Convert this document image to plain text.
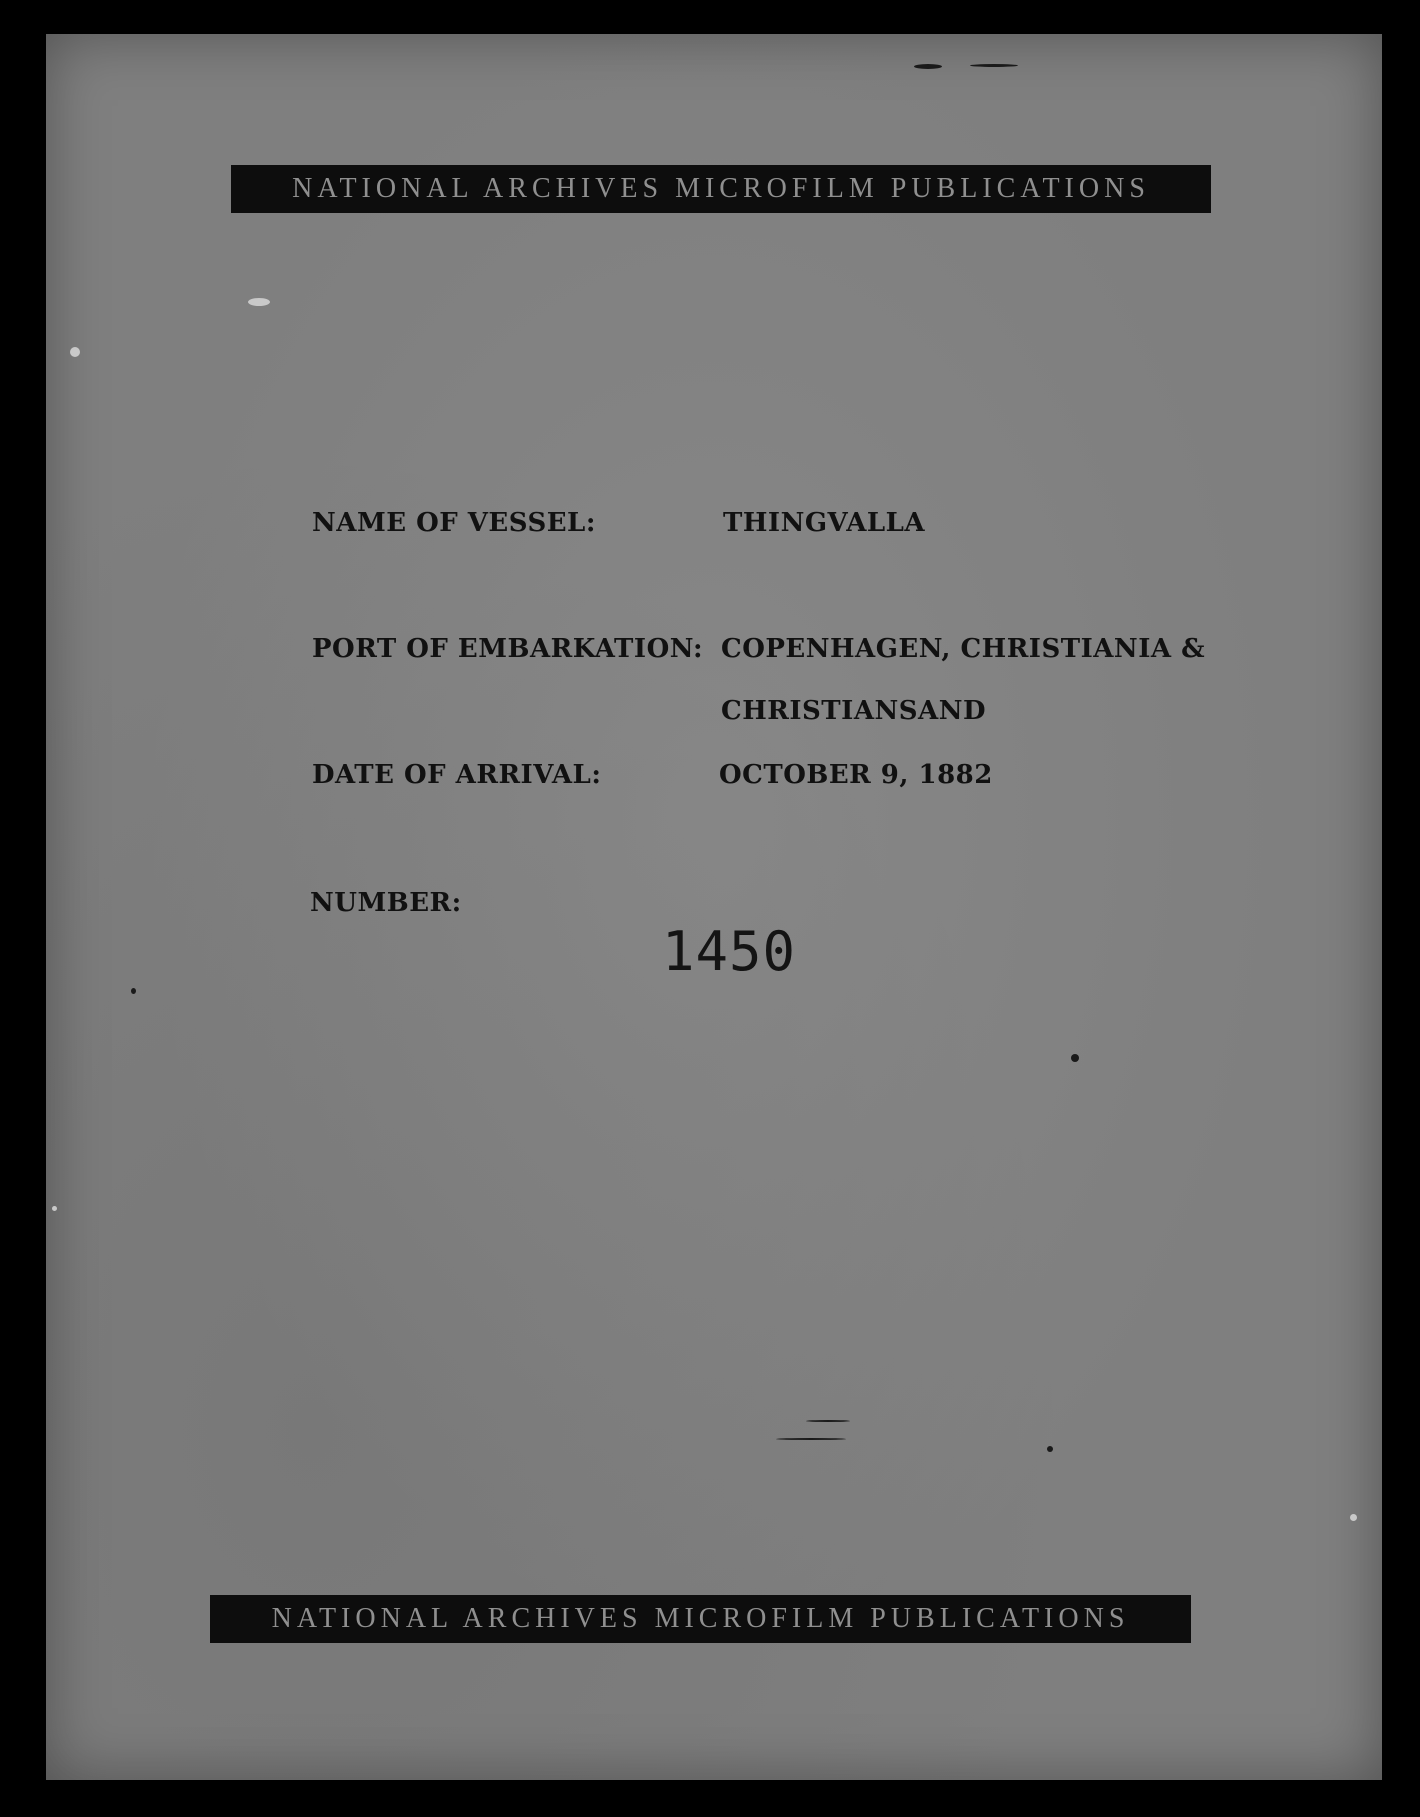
NATIONAL ARCHIVES MICROFILM PUBLICATIONS
NAME OF VESSEL:	THINGVALLA
PORT OF EMBARKATION: COPENHAGEN, CHRISTIANIA &
CHRISTIANSAND
DATE OF ARRIVAL:	OCTOBER 9, 1882
NUMBER:
1450
NATIONAL ARCHIVES MICROFILM PUBLICATIONS
